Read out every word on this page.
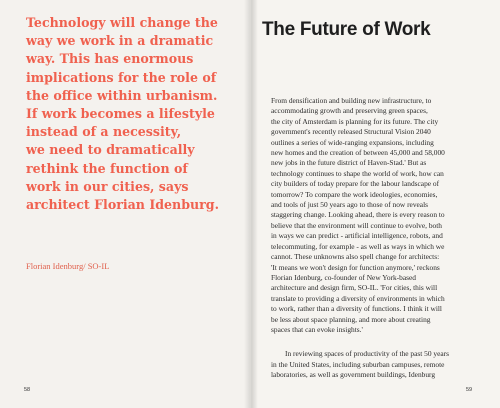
Technology will change the
way we work in a dramatic
way. This has enormous
implications for the role of
the office within urbanism.
If work becomes a lifestyle
instead of a necessity,
we need to dramatically
rethink the function of
work in our cities, says
architect Florian Idenburg.
Florian Idenburg/ SO-IL
58
The Future of Work
From densification and building new infrastructure, to
accommodating growth and preserving green spaces,
the city of Amsterdam is planning for its future. The city
government's recently released Structural Vision 2040
outlines a series of wide-ranging expansions, including
new homes and the creation of between 45,000 and 58,000
new jobs in the future district of Haven-Stad.' But as
technology continues to shape the world of work, how can
city builders of today prepare for the labour landscape of
tomorrow? To compare the work ideologies, economies,
and tools of just 50 years ago to those of now reveals
staggering change. Looking ahead, there is every reason to
believe that the environment will continue to evolve, both
in ways we can predict - artificial intelligence, robots, and
telecommuting, for example - as well as ways in which we
cannot. These unknowns also spell change for architects:
'It means we won't design for function anymore,' reckons
Florian Idenburg, co-founder of New York-based
architecture and design firm, SO-IL. 'For cities, this will
translate to providing a diversity of environments in which
to work, rather than a diversity of functions. I think it will
be less about space planning, and more about creating
spaces that can evoke insights.'
In reviewing spaces of productivity of the past 50 years
in the United States, including suburban campuses, remote
laboratories, as well as government buildings, Idenburg
59
